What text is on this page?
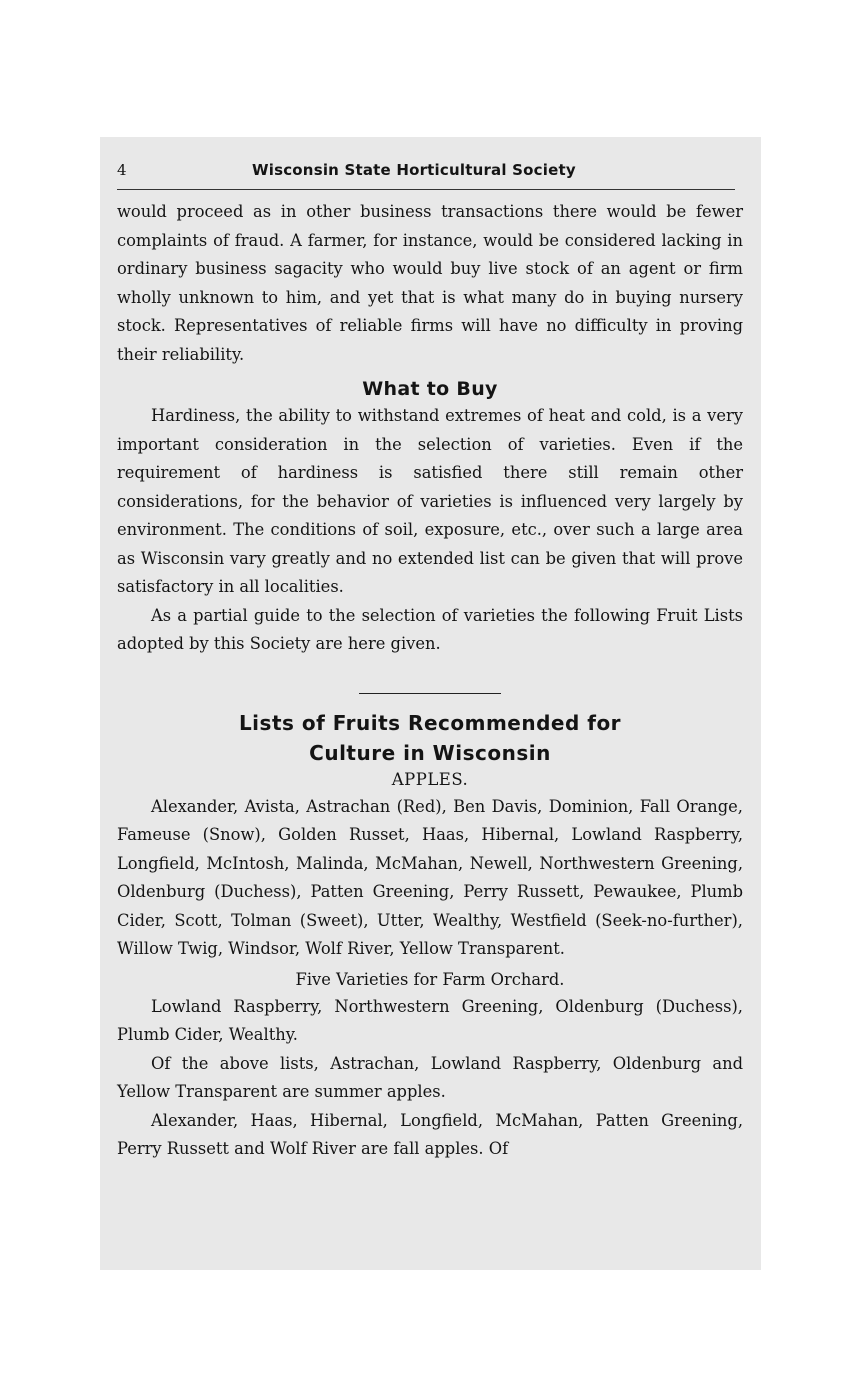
4	Wisconsin State Horticultural Society

would proceed as in other business transactions there would be fewer complaints of fraud. A farmer, for instance, would be considered lacking in ordinary business sagacity who would buy live stock of an agent or firm wholly unknown to him, and yet that is what many do in buying nursery stock. Representatives of reliable firms will have no difficulty in proving their reliability.

What to Buy

Hardiness, the ability to withstand extremes of heat and cold, is a very important consideration in the selection of varieties. Even if the requirement of hardiness is satisfied there still remain other considerations, for the behavior of varieties is influenced very largely by environment. The conditions of soil, exposure, etc., over such a large area as Wisconsin vary greatly and no extended list can be given that will prove satisfactory in all localities.

As a partial guide to the selection of varieties the following Fruit Lists adopted by this Society are here given.

Lists of Fruits Recommended for
Culture in Wisconsin
APPLES.

Alexander, Avista, Astrachan (Red), Ben Davis, Dominion, Fall Orange, Fameuse (Snow), Golden Russet, Haas, Hibernal, Lowland Raspberry, Longfield, McIntosh, Malinda, McMahan, Newell, Northwestern Greening, Oldenburg (Duchess), Patten Greening, Perry Russett, Pewaukee, Plumb Cider, Scott, Tolman (Sweet), Utter, Wealthy, Westfield (Seek-no-further), Willow Twig, Windsor, Wolf River, Yellow Transparent.

Five Varieties for Farm Orchard.

Lowland Raspberry, Northwestern Greening, Oldenburg (Duchess), Plumb Cider, Wealthy.

Of the above lists, Astrachan, Lowland Raspberry, Oldenburg and Yellow Transparent are summer apples.

Alexander, Haas, Hibernal, Longfield, McMahan, Patten Greening, Perry Russett and Wolf River are fall apples. Of
